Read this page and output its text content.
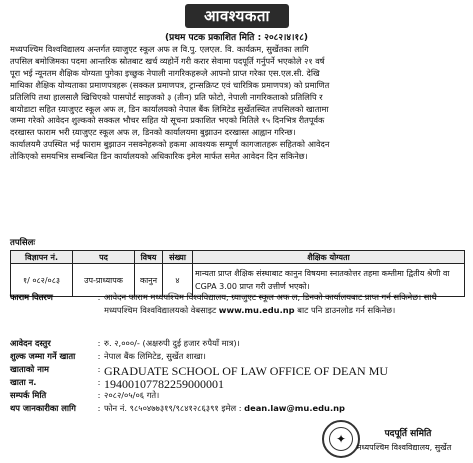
आवश्यकता
(प्रथम पटक प्रकाशित मिति : २०८२।४।१८)

मध्यपश्चिम विश्वविद्यालय अन्तर्गत ग्र्याजुएट स्कूल अफ ल वि.पु. एलएल. वि. कार्यक्रम, सुर्खेतका लागि

तपसिल बमोजिमका पदमा आन्तरिक स्रोतबाट खर्च व्यहोर्ने गरी करार सेवामा पदपूर्ति गर्नुपर्ने भएकोले २१ वर्ष

पूरा भई न्यूनतम शैक्षिक योग्यता पुगेका इच्छुक नेपाली नागरिकहरूले आफ्नो प्राप्त गरेका एस.एल.सी. देखि

माथिका शैक्षिक योग्यताका प्रमाणपत्रहरू (सक्कल प्रमाणपत्र, ट्रान्सक्रिप्ट एवं चारित्रिक प्रमाणपत्र) को प्रमाणित

प्रतिलिपि तथा हालसालै खिचिएको पासपोर्ट साइजको ३ (तीन) प्रति फोटो, नेपाली नागरिकताको प्रतिलिपि र

बायोडाटा सहित ग्र्याजुएट स्कूल अफ ल, डिन कार्यालयको नेपाल बैंक लिमिटेड सुर्खेतस्थित तपसिलको खातामा

जम्मा गरेको आवेदन शुल्कको सक्कल भौचर सहित यो सूचना प्रकाशित भएको मितिले १५ दिनभित्र रीतपूर्वक

दरखास्त फाराम भरी ग्र्याजुएट स्कूल अफ ल, डिनको कार्यालयमा बुझाउन दरखास्त आह्वान गरिन्छ।

कार्यालयमै उपस्थित भई फाराम बुझाउन नसक्नेहरूको हकमा आवश्यक सम्पूर्ण कागजातहरू सहितको आवेदन

तोकिएको समयभित्र सम्बन्धित डिन कार्यालयको अधिकारिक इमेल मार्फत समेत आवेदन दिन सकिनेछ।

तपसिलः
विज्ञापन नं.	पद	विषय	संख्या	शैक्षिक योग्यता
१/ ०८२/०८३	उप-प्राध्यापक	कानुन	४	मान्यता प्राप्त शैक्षिक संस्थाबाट कानुन विषयमा स्नातकोत्तर तहमा कम्तीमा द्वितीय श्रेणी वा CGPA 3.00 प्राप्त गरी उत्तीर्ण भएको।
फाराम वितरण	: आवेदन फाराम मध्यपश्चिम विश्वविद्यालय, ग्र्याजुएट स्कूल अफ ल, डिनको कार्यालयबाट प्राप्त गर्न सकिनेछ। साथै मध्यपश्चिम विश्वविद्यालयको वेबसाइट www.mu.edu.np बाट पनि डाउनलोड गर्न सकिनेछ।
आवेदन दस्तुर	: रु. २,०००/- (अक्षरुपी दुई हजार रुपैयाँ मात्र)।
शुल्क जम्मा गर्ने खाता	: नेपाल बैंक लिमिटेड, सुर्खेत शाखा।
खाताको नाम	: GRADUATE SCHOOL OF LAW OFFICE OF DEAN MU
खाता न.	: 19400107782259000001
सम्पर्क मिति	: २०८२/०५/०६ गते।
थप जानकारीका लागि	: फोन नं. ९८५०४७७३१९/९८४१२८६३९१ इमेल : dean.law@mu.edu.np
✦	पदपूर्ति समिति
मध्यपश्चिम विश्वविद्यालय, सुर्खेत
